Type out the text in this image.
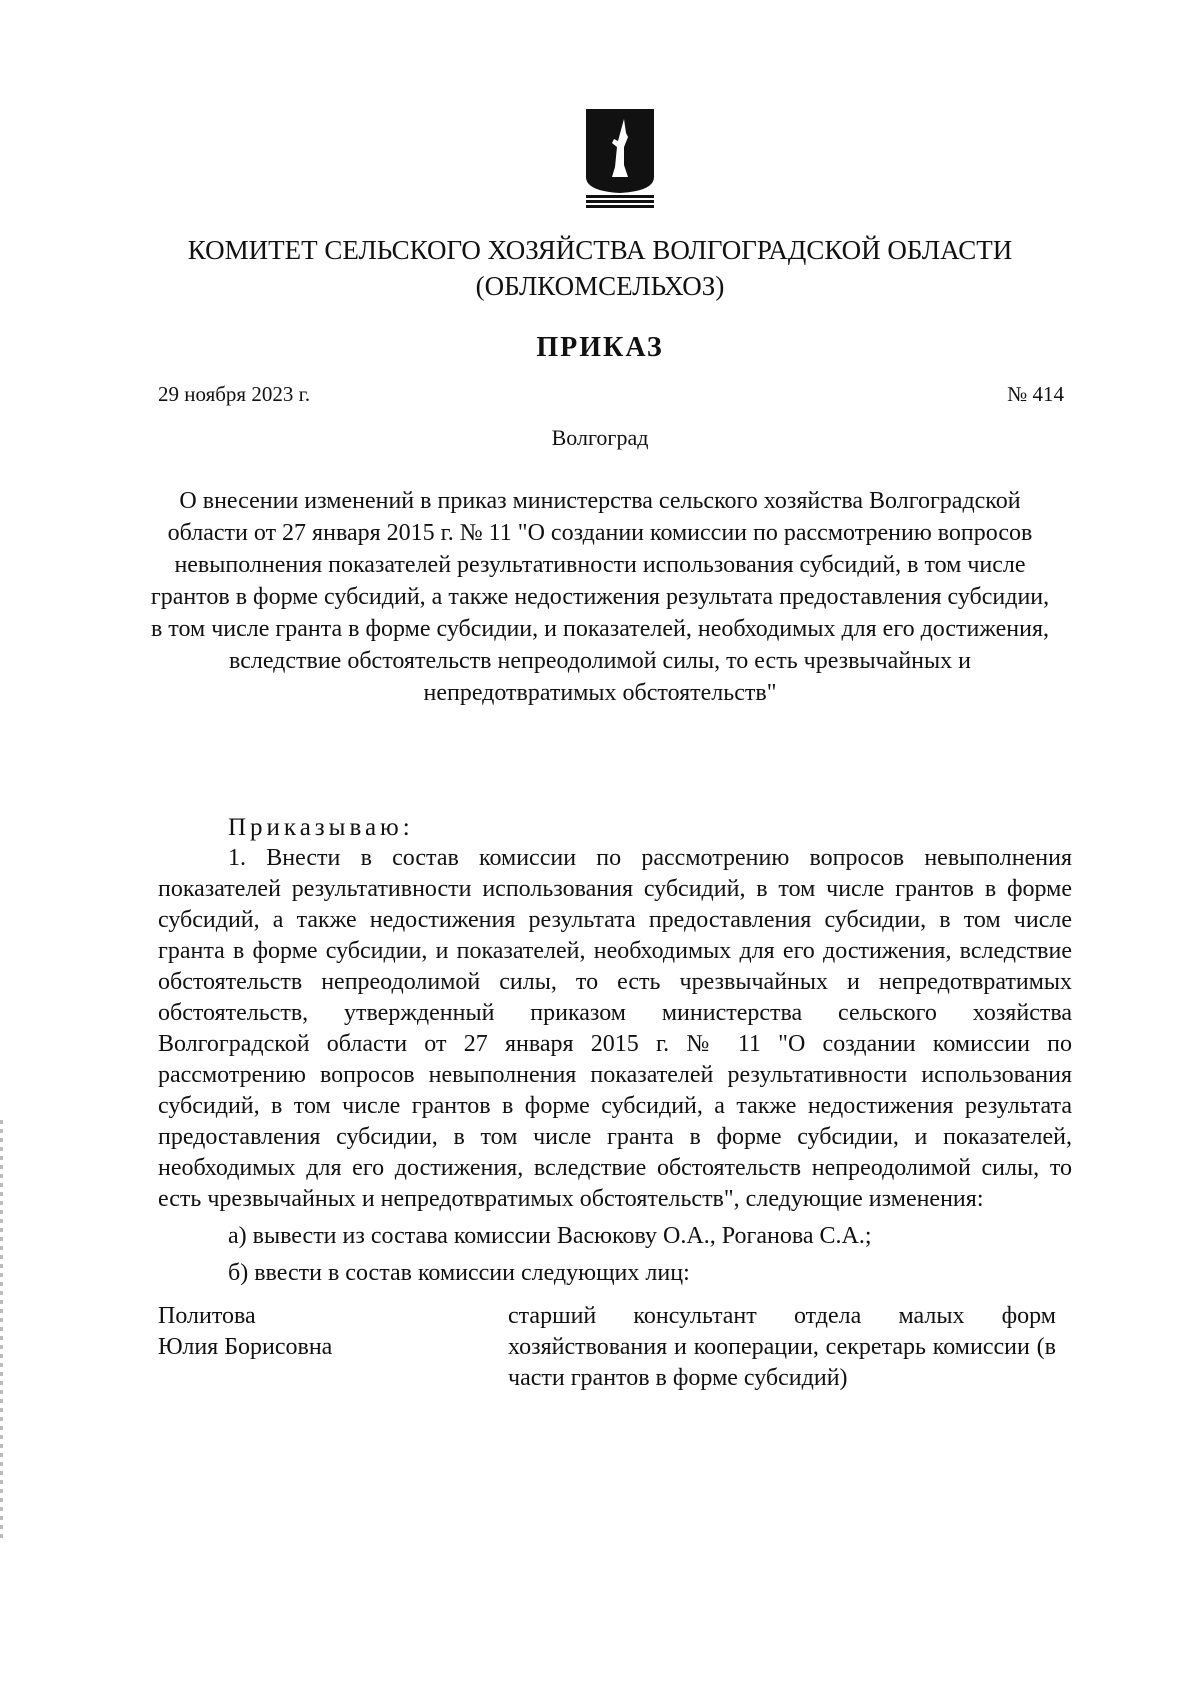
КОМИТЕТ СЕЛЬСКОГО ХОЗЯЙСТВА ВОЛГОГРАДСКОЙ ОБЛАСТИ
(ОБЛКОМСЕЛЬХОЗ)
ПРИКАЗ
29 ноября 2023 г.	№ 414
Волгоград
О внесении изменений в приказ министерства сельского хозяйства Волгоградской области от 27 января 2015 г. № 11 "О создании комиссии по рассмотрению вопросов невыполнения показателей результативности использования субсидий, в том числе грантов в форме субсидий, а также недостижения результата предоставления субсидии, в том числе гранта в форме субсидии, и показателей, необходимых для его достижения, вследствие обстоятельств непреодолимой силы, то есть чрезвычайных и непредотвратимых обстоятельств"
Приказываю:
1. Внести в состав комиссии по рассмотрению вопросов невыполнения показателей результативности использования субсидий, в том числе грантов в форме субсидий, а также недостижения результата предоставления субсидии, в том числе гранта в форме субсидии, и показателей, необходимых для его достижения, вследствие обстоятельств непреодолимой силы, то есть чрезвычайных и непредотвратимых обстоятельств, утвержденный приказом министерства сельского хозяйства Волгоградской области от 27 января 2015 г. № 11 "О создании комиссии по рассмотрению вопросов невыполнения показателей результативности использования субсидий, в том числе грантов в форме субсидий, а также недостижения результата предоставления субсидии, в том числе гранта в форме субсидии, и показателей, необходимых для его достижения, вследствие обстоятельств непреодолимой силы, то есть чрезвычайных и непредотвратимых обстоятельств", следующие изменения:
а) вывести из состава комиссии Васюкову О.А., Роганова С.А.;
б) ввести в состав комиссии следующих лиц:
Политова
Юлия Борисовна
старший консультант отдела малых форм хозяйствования и кооперации, секретарь комиссии (в части грантов в форме субсидий)
